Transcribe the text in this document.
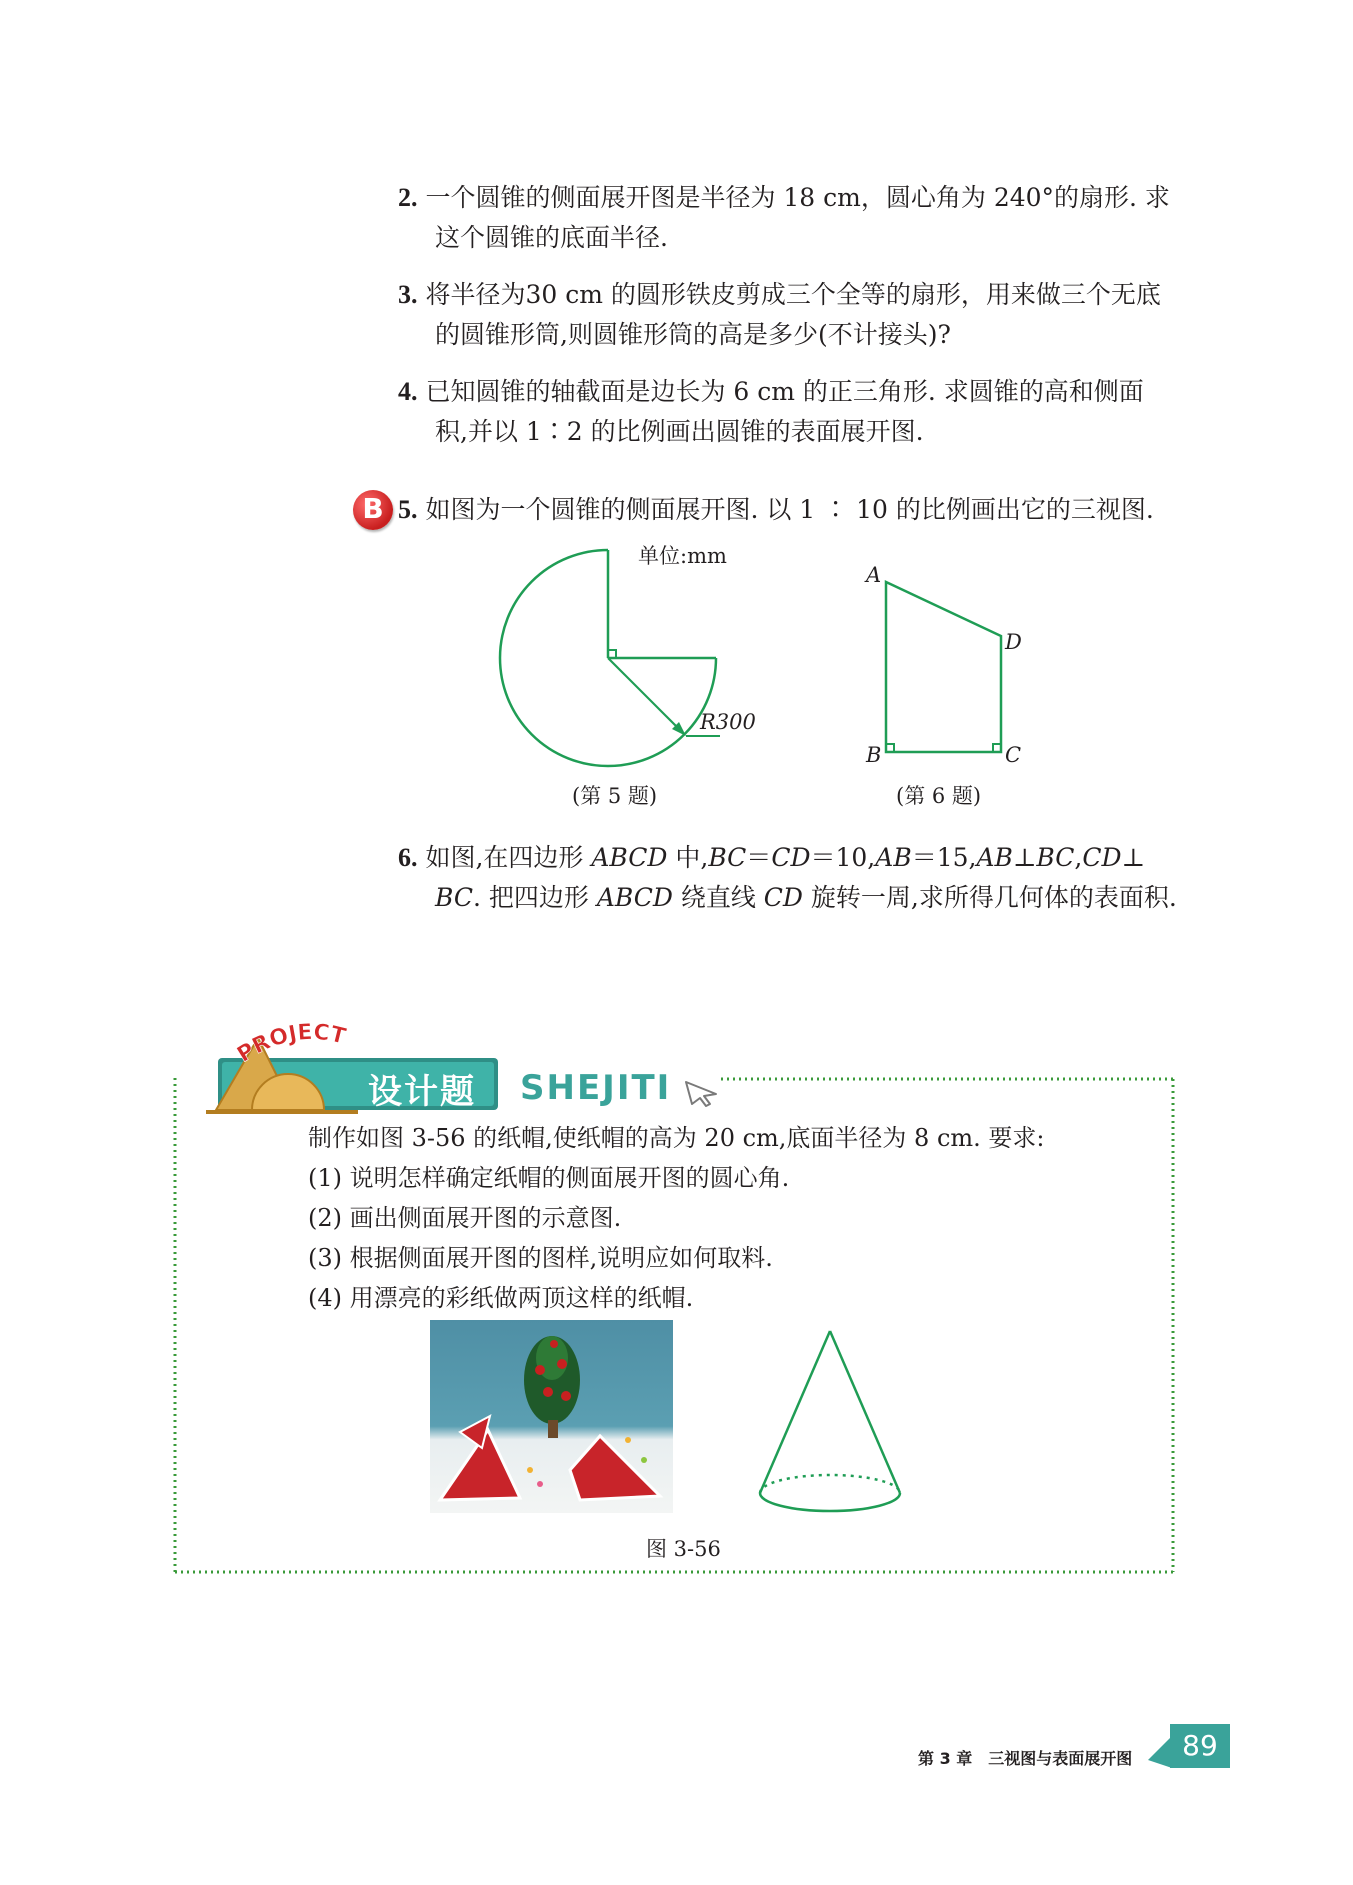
2. 一个圆锥的侧面展开图是半径为 18 cm，圆心角为 240°的扇形. 求
这个圆锥的底面半径.
3. 将半径为30 cm 的圆形铁皮剪成三个全等的扇形，用来做三个无底
的圆锥形筒,则圆锥形筒的高是多少(不计接头)?
4. 已知圆锥的轴截面是边长为 6 cm 的正三角形. 求圆锥的高和侧面
积,并以 1∶2 的比例画出圆锥的表面展开图.
B 5. 如图为一个圆锥的侧面展开图. 以 1 ∶ 10 的比例画出它的三视图.
单位:mm
R300
(第 5 题)
A
B	C
D
(第 6 题)
6. 如图,在四边形 ABCD 中,BC＝CD＝10,AB＝15,AB⊥BC,CD⊥
BC. 把四边形 ABCD 绕直线 CD 旋转一周,求所得几何体的表面积.
PROJECT
设计题 SHEJITI
制作如图 3-56 的纸帽,使纸帽的高为 20 cm,底面半径为 8 cm. 要求:
(1) 说明怎样确定纸帽的侧面展开图的圆心角.
(2) 画出侧面展开图的示意图.
(3) 根据侧面展开图的图样,说明应如何取料.
(4) 用漂亮的彩纸做两顶这样的纸帽.
图 3-56
第 3 章　三视图与表面展开图	89
